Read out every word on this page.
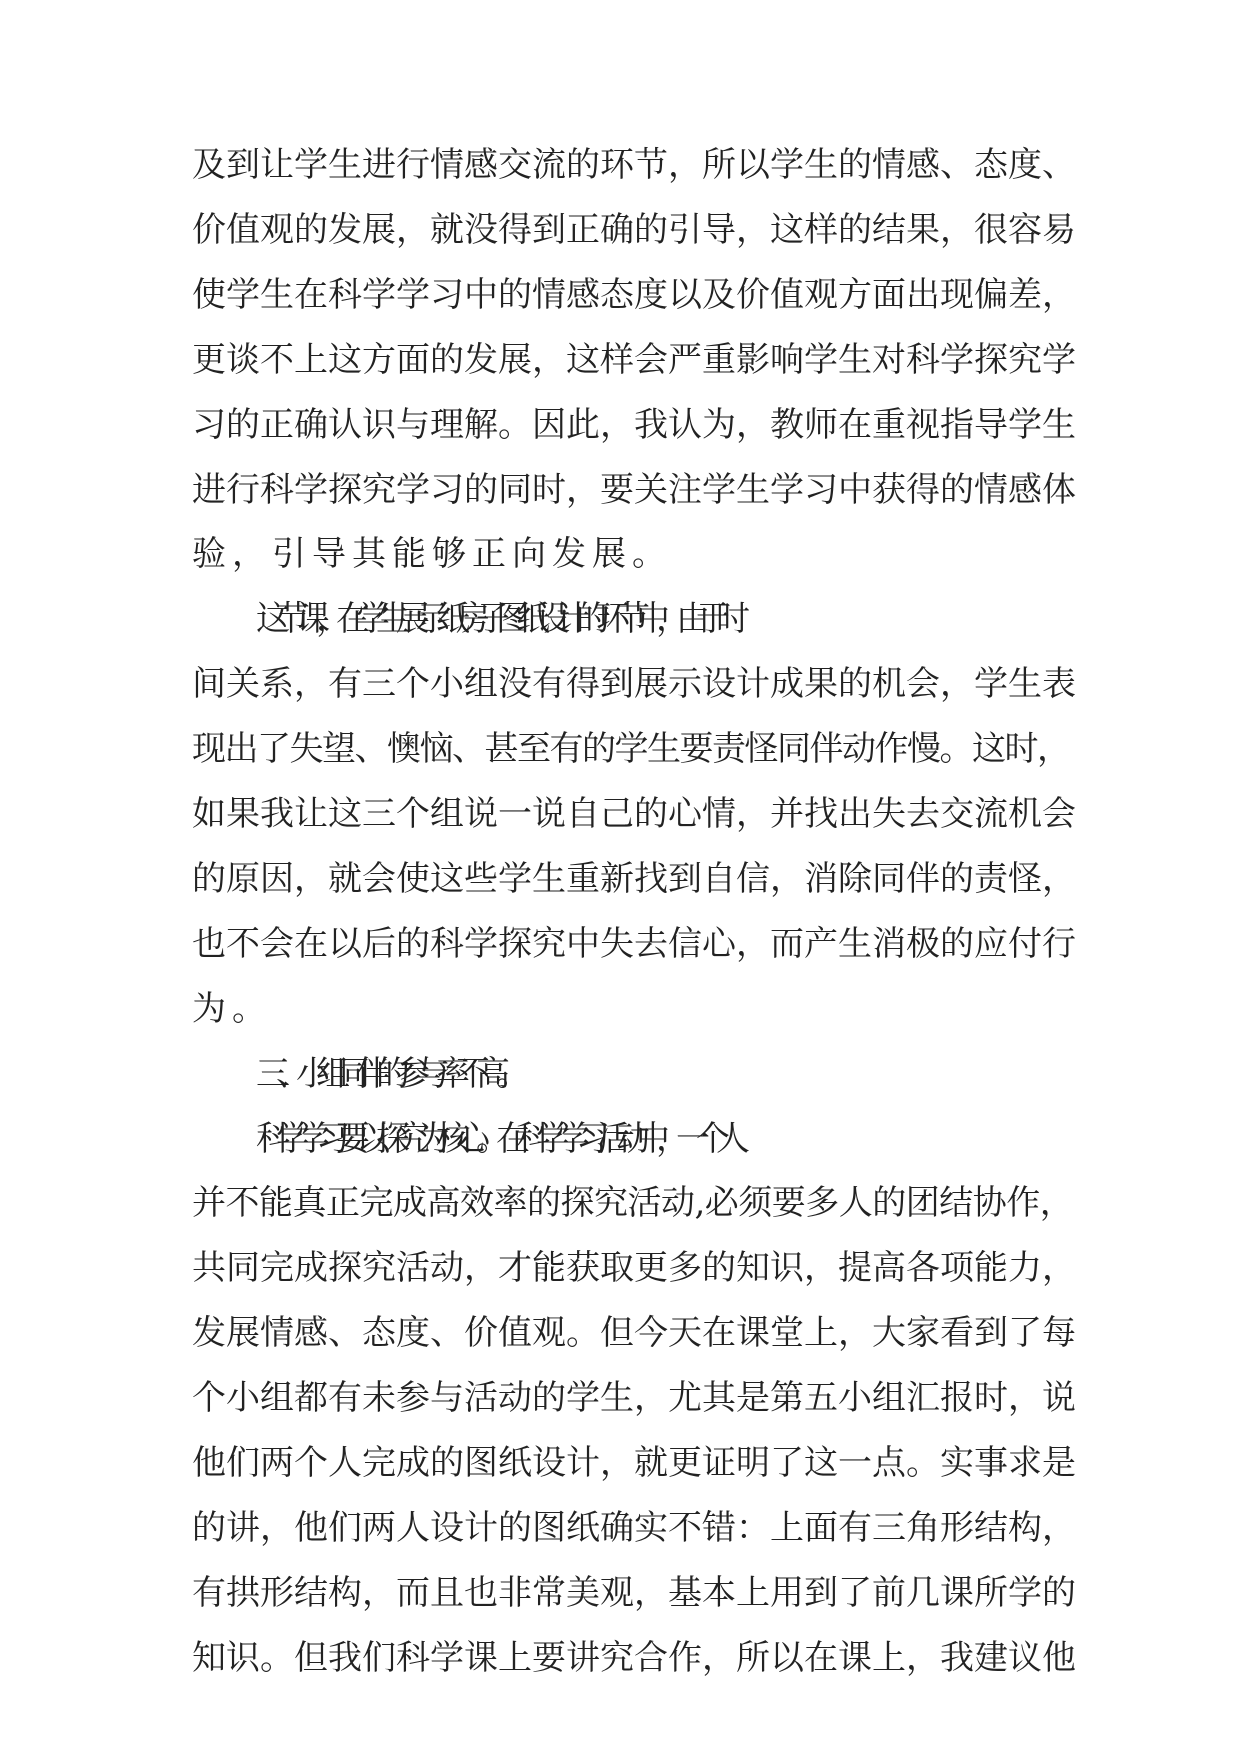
及到让学生进行情感交流的环节，所以学生的情感、态度、
价值观的发展，就没得到正确的引导，这样的结果，很容易
使学生在科学学习中的情感态度以及价值观方面出现偏差，
更谈不上这方面的发展，这样会严重影响学生对科学探究学
习的正确认识与理解。因此，我认为，教师在重视指导学生
进行科学探究学习的同时，要关注学生学习中获得的情感体
验，引导其能够正向发展。
这节课，在学生展示纸房子图纸设计的环节中，由于时
间关系，有三个小组没有得到展示设计成果的机会，学生表
现出了失望、懊恼、甚至有的学生要责怪同伴动作慢。这时，
如果我让这三个组说一说自己的心情，并找出失去交流机会
的原因，就会使这些学生重新找到自信，消除同伴的责怪，
也不会在以后的科学探究中失去信心，而产生消极的应付行
为。
三、小组同伴的参与率不高。
科学学习要以探究为核心。在科学学习活动中，一个人
并不能真正完成高效率的探究活动,必须要多人的团结协作，
共同完成探究活动，才能获取更多的知识，提高各项能力，
发展情感、态度、价值观。但今天在课堂上，大家看到了每
个小组都有未参与活动的学生，尤其是第五小组汇报时，说
他们两个人完成的图纸设计，就更证明了这一点。实事求是
的讲，他们两人设计的图纸确实不错：上面有三角形结构，
有拱形结构，而且也非常美观，基本上用到了前几课所学的
知识。但我们科学课上要讲究合作，所以在课上，我建议他
